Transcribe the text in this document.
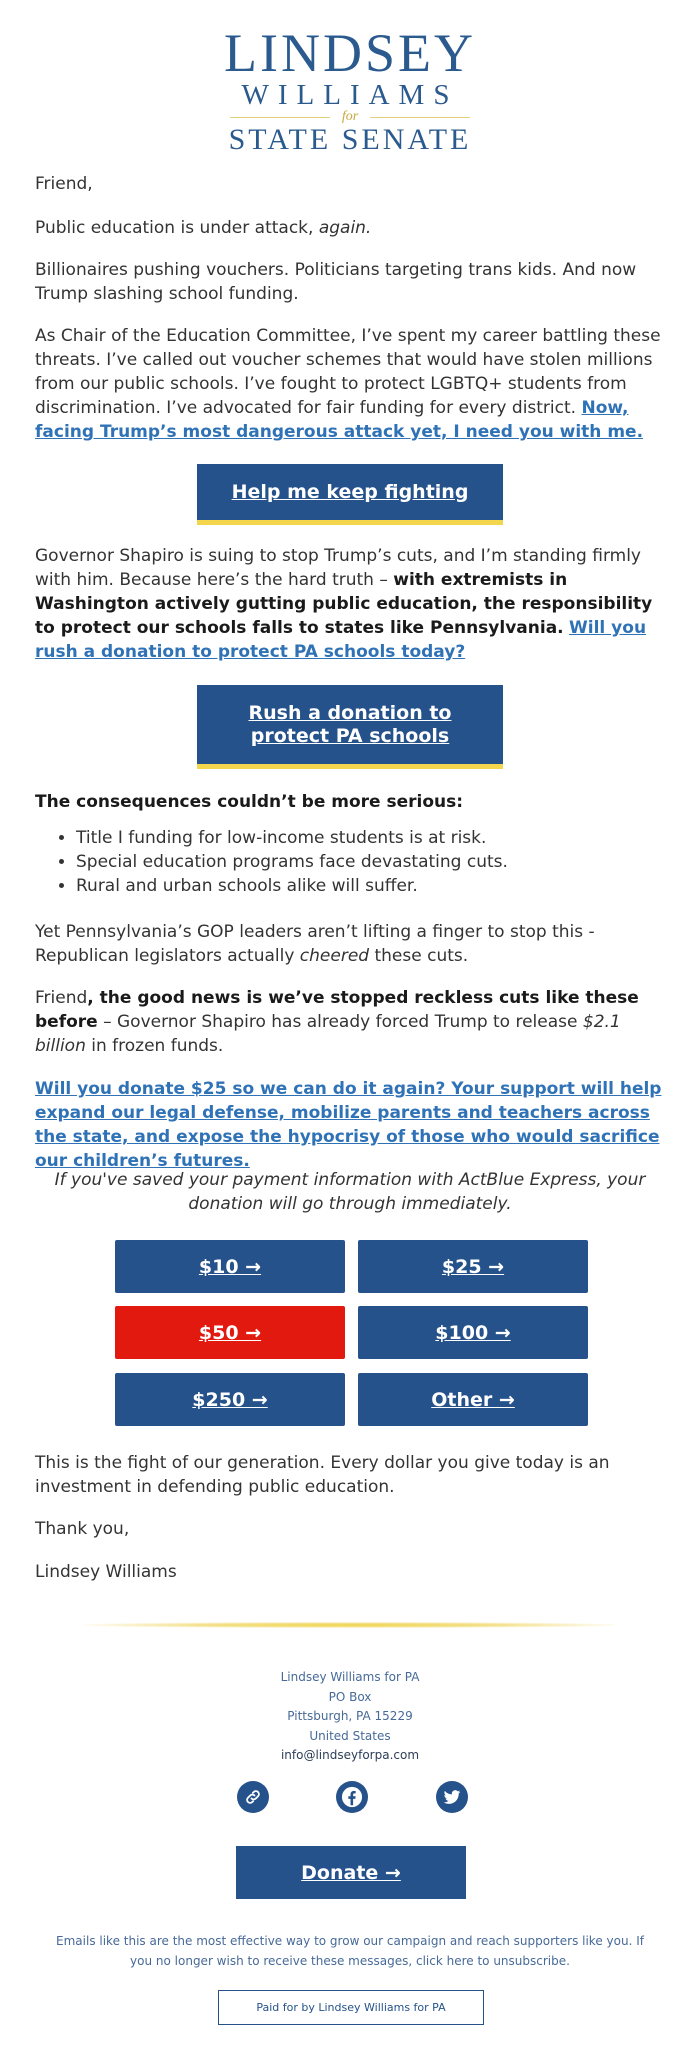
LINDSEY
WILLIAMS
for
STATE SENATE
Friend,
Public education is under attack, again.
Billionaires pushing vouchers. Politicians targeting trans kids. And now Trump slashing school funding.
As Chair of the Education Committee, I’ve spent my career battling these threats. I’ve called out voucher schemes that would have stolen millions from our public schools. I’ve fought to protect LGBTQ+ students from discrimination. I’ve advocated for fair funding for every district. Now, facing Trump’s most dangerous attack yet, I need you with me.
Help me keep fighting
Governor Shapiro is suing to stop Trump’s cuts, and I’m standing firmly with him. Because here’s the hard truth – with extremists in Washington actively gutting public education, the responsibility to protect our schools falls to states like Pennsylvania. Will you rush a donation to protect PA schools today?
Rush a donation to protect PA schools
The consequences couldn’t be more serious:
• Title I funding for low-income students is at risk.
• Special education programs face devastating cuts.
• Rural and urban schools alike will suffer.
Yet Pennsylvania’s GOP leaders aren’t lifting a finger to stop this - Republican legislators actually cheered these cuts.
Friend, the good news is we’ve stopped reckless cuts like these before – Governor Shapiro has already forced Trump to release $2.1 billion in frozen funds.
Will you donate $25 so we can do it again? Your support will help expand our legal defense, mobilize parents and teachers across the state, and expose the hypocrisy of those who would sacrifice our children’s futures.
If you've saved your payment information with ActBlue Express, your donation will go through immediately.
$10 →	$25 →
$50 →	$100 →
$250 →	Other →
This is the fight of our generation. Every dollar you give today is an investment in defending public education.
Thank you,
Lindsey Williams
Lindsey Williams for PA
PO Box
Pittsburgh, PA 15229
United States
info@lindseyforpa.com
Donate →
Emails like this are the most effective way to grow our campaign and reach supporters like you. If you no longer wish to receive these messages, click here to unsubscribe.
Paid for by Lindsey Williams for PA
